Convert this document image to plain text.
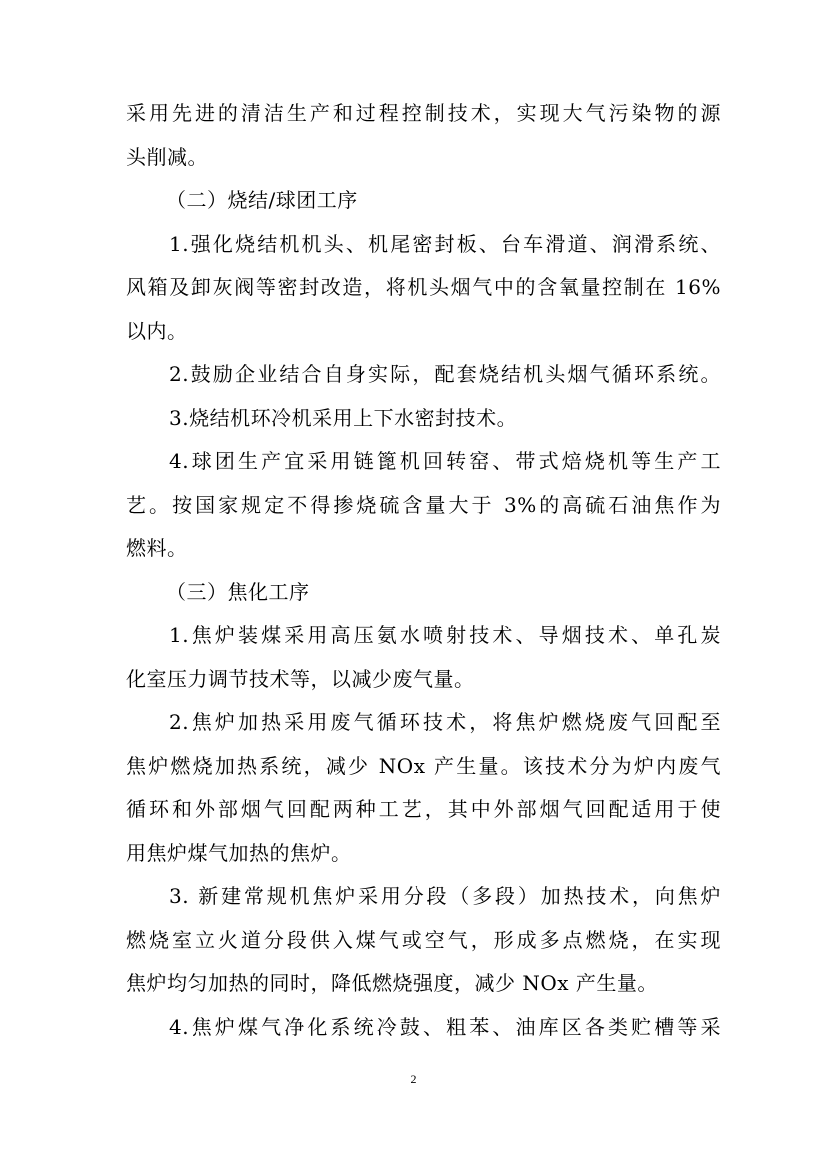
采用先进的清洁生产和过程控制技术，实现大气污染物的源
头削减。
（二）烧结/球团工序
1.强化烧结机机头、机尾密封板、台车滑道、润滑系统、
风箱及卸灰阀等密封改造，将机头烟气中的含氧量控制在 16%
以内。
2.鼓励企业结合自身实际，配套烧结机头烟气循环系统。
3.烧结机环冷机采用上下水密封技术。
4.球团生产宜采用链篦机回转窑、带式焙烧机等生产工
艺。按国家规定不得掺烧硫含量大于 3%的高硫石油焦作为
燃料。
（三）焦化工序
1.焦炉装煤采用高压氨水喷射技术、导烟技术、单孔炭
化室压力调节技术等，以减少废气量。
2.焦炉加热采用废气循环技术，将焦炉燃烧废气回配至
焦炉燃烧加热系统，减少 NOx 产生量。该技术分为炉内废气
循环和外部烟气回配两种工艺，其中外部烟气回配适用于使
用焦炉煤气加热的焦炉。
3. 新建常规机焦炉采用分段（多段）加热技术，向焦炉
燃烧室立火道分段供入煤气或空气，形成多点燃烧，在实现
焦炉均匀加热的同时，降低燃烧强度，减少 NOx 产生量。
4.焦炉煤气净化系统冷鼓、粗苯、油库区各类贮槽等采
2
